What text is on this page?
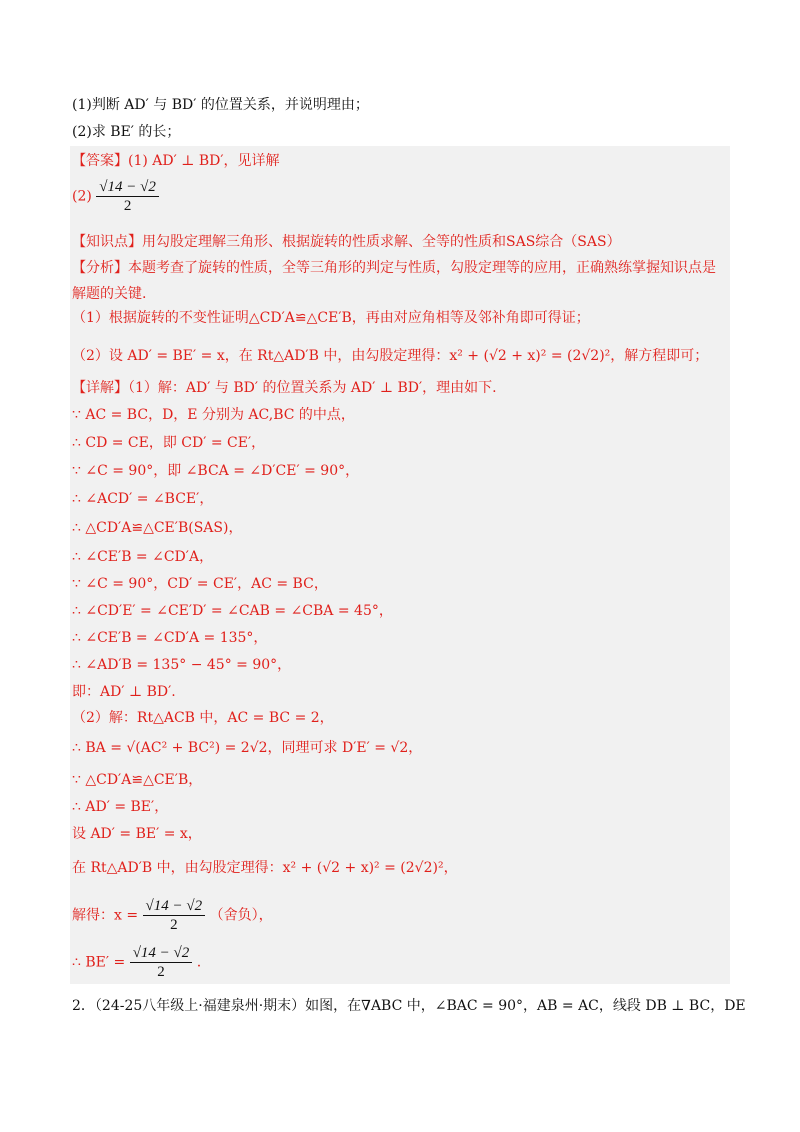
(1)判断 AD′ 与 BD′ 的位置关系，并说明理由；
(2)求 BE′ 的长；
【答案】(1) AD′ ⊥ BD′，见详解
$(2) \frac{√14 - √2}{2}$
【知识点】用勾股定理解三角形、根据旋转的性质求解、全等的性质和SAS综合（SAS）
【分析】本题考查了旋转的性质，全等三角形的判定与性质，勾股定理等的应用，正确熟练掌握知识点是
解题的关键.
（1）根据旋转的不变性证明△CD′A≌△CE′B，再由对应角相等及邻补角即可得证；
（2）设 AD′ = BE′ = x，在 Rt△AD′B 中，由勾股定理得：x² + (√2 + x)² = (2√2)²，解方程即可；
【详解】（1）解：AD′ 与 BD′ 的位置关系为 AD′ ⊥ BD′，理由如下.
∵ AC = BC，D，E 分别为 AC,BC 的中点，
∴ CD = CE，即 CD′ = CE′，
∵ ∠C = 90°，即 ∠BCA = ∠D′CE′ = 90°，
∴ ∠ACD′ = ∠BCE′，
∴ △CD′A≌△CE′B(SAS)，
∴ ∠CE′B = ∠CD′A，
∵ ∠C = 90°，CD′ = CE′，AC = BC，
∴ ∠CD′E′ = ∠CE′D′ = ∠CAB = ∠CBA = 45°，
∴ ∠CE′B = ∠CD′A = 135°，
∴ ∠AD′B = 135° − 45° = 90°，
即：AD′ ⊥ BD′.
（2）解：Rt△ACB 中，AC = BC = 2，
∴ BA = √(AC² + BC²) = 2√2，同理可求 D′E′ = √2，
∵ △CD′A≌△CE′B，
∴ AD′ = BE′，
设 AD′ = BE′ = x，
在 Rt△AD′B 中，由勾股定理得：x² + (√2 + x)² = (2√2)²，
解得：$x = \frac{√14 - √2}{2}$ （舍负），
∴ $BE' = \frac{√14 - √2}{2}$ .
2．（24-25八年级上·福建泉州·期末）如图，在∇ABC 中，∠BAC = 90°，AB = AC，线段 DB ⊥ BC，DE
